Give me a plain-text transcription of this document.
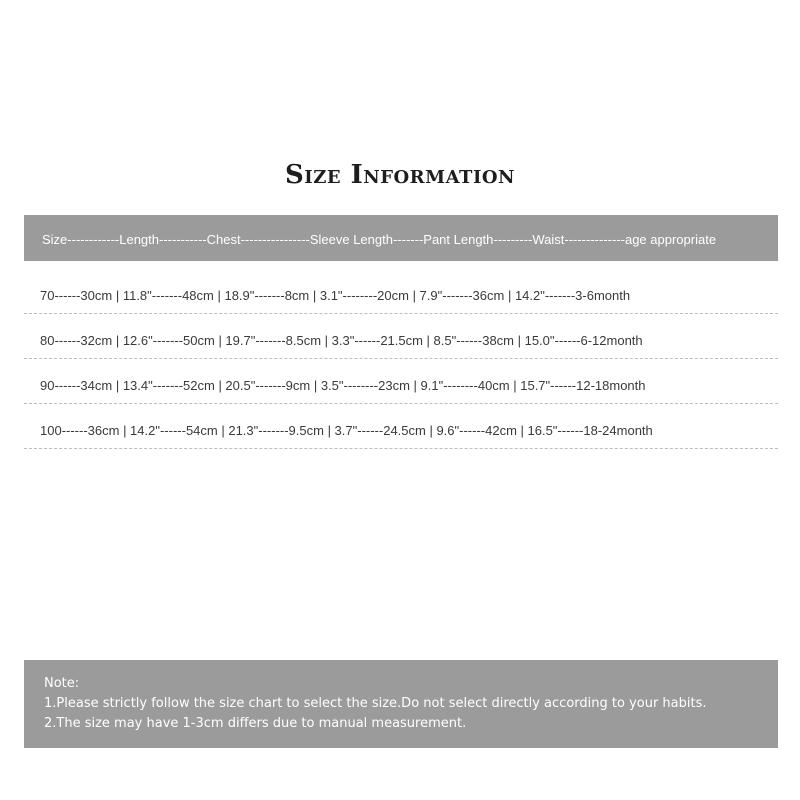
Size Information
Size------------Length-----------Chest----------------Sleeve Length-------Pant Length---------Waist--------------age appropriate
70------30cm | 11.8"-------48cm | 18.9"-------8cm | 3.1"--------20cm | 7.9"-------36cm | 14.2"-------3-6month
80------32cm | 12.6"-------50cm | 19.7"-------8.5cm | 3.3"------21.5cm | 8.5"------38cm | 15.0"------6-12month
90------34cm | 13.4"-------52cm | 20.5"-------9cm | 3.5"--------23cm | 9.1"--------40cm | 15.7"------12-18month
100------36cm | 14.2"------54cm | 21.3"-------9.5cm | 3.7"------24.5cm | 9.6"------42cm | 16.5"------18-24month
Note:
1.Please strictly follow the size chart to select the size.Do not select directly according to your habits.
2.The size may have 1-3cm differs due to manual measurement.
